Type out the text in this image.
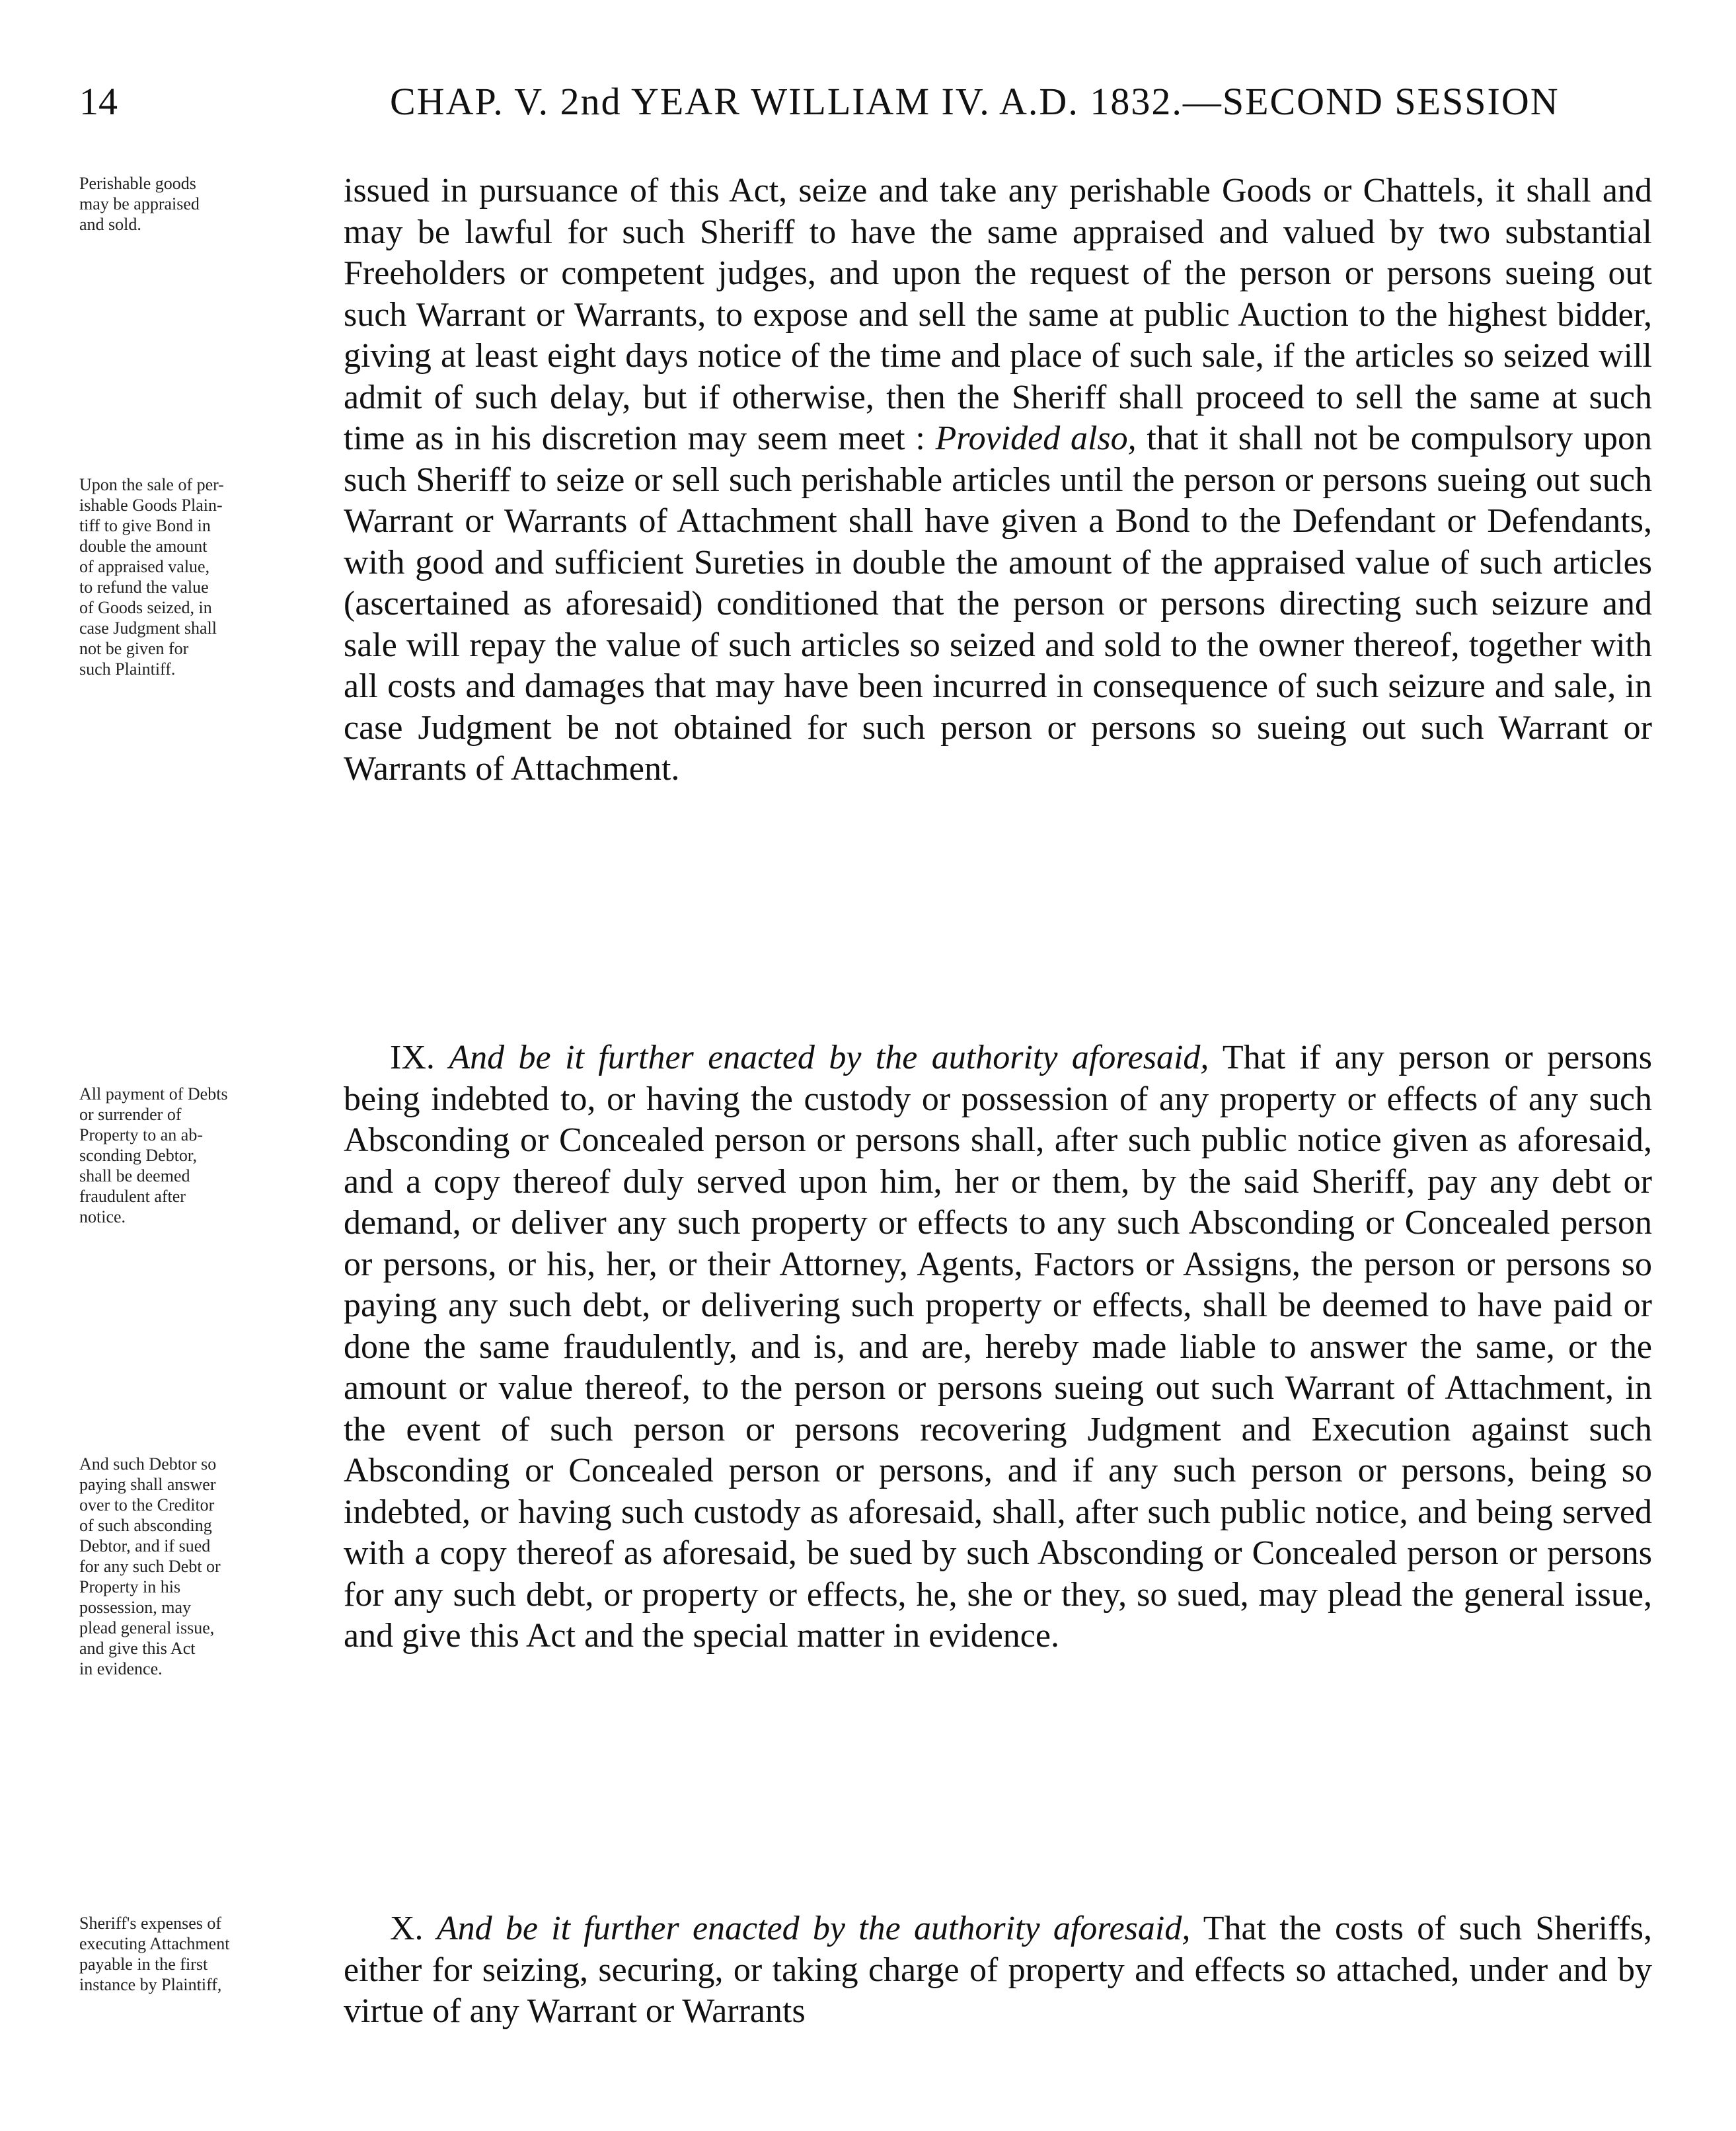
14	CHAP. V. 2nd YEAR WILLIAM IV. A.D. 1832.—SECOND SESSION
Perishable goods
may be appraised
and sold.
Upon the sale of per-
ishable Goods Plain-
tiff to give Bond in
double the amount
of appraised value,
to refund the value
of Goods seized, in
case Judgment shall
not be given for
such Plaintiff.
All payment of Debts
or surrender of
Property to an ab-
sconding Debtor,
shall be deemed
fraudulent after
notice.
And such Debtor so
paying shall answer
over to the Creditor
of such absconding
Debtor, and if sued
for any such Debt or
Property in his
possession, may
plead general issue,
and give this Act
in evidence.
Sheriff's expenses of
executing Attachment
payable in the first
instance by Plaintiff,

issued in pursuance of this Act, seize and take any perishable Goods or Chattels, it shall and may be lawful for such Sheriff to have the same appraised and valued by two substantial Freeholders or competent judges, and upon the request of the person or persons sueing out such Warrant or Warrants, to expose and sell the same at public Auction to the highest bidder, giving at least eight days notice of the time and place of such sale, if the articles so seized will admit of such delay, but if otherwise, then the Sheriff shall proceed to sell the same at such time as in his discretion may seem meet : Provided also, that it shall not be compulsory upon such Sheriff to seize or sell such perishable articles until the person or persons sueing out such Warrant or Warrants of Attachment shall have given a Bond to the Defendant or Defendants, with good and sufficient Sureties in double the amount of the appraised value of such articles (ascertained as aforesaid) conditioned that the person or persons directing such seizure and sale will repay the value of such articles so seized and sold to the owner thereof, together with all costs and damages that may have been incurred in consequence of such seizure and sale, in case Judgment be not obtained for such person or persons so sueing out such Warrant or Warrants of Attachment.

IX. And be it further enacted by the authority aforesaid, That if any person or persons being indebted to, or having the custody or possession of any property or effects of any such Absconding or Concealed person or persons shall, after such public notice given as aforesaid, and a copy thereof duly served upon him, her or them, by the said Sheriff, pay any debt or demand, or deliver any such property or effects to any such Absconding or Concealed person or persons, or his, her, or their Attorney, Agents, Factors or Assigns, the person or persons so paying any such debt, or delivering such property or effects, shall be deemed to have paid or done the same fraudulently, and is, and are, hereby made liable to answer the same, or the amount or value thereof, to the person or persons sueing out such Warrant of Attachment, in the event of such person or persons recovering Judgment and Execution against such Absconding or Concealed person or persons, and if any such person or persons, being so indebted, or having such custody as aforesaid, shall, after such public notice, and being served with a copy thereof as aforesaid, be sued by such Absconding or Concealed person or persons for any such debt, or property or effects, he, she or they, so sued, may plead the general issue, and give this Act and the special matter in evidence.

X. And be it further enacted by the authority aforesaid, That the costs of such Sheriffs, either for seizing, securing, or taking charge of property and effects so attached, under and by virtue of any Warrant or Warrants
